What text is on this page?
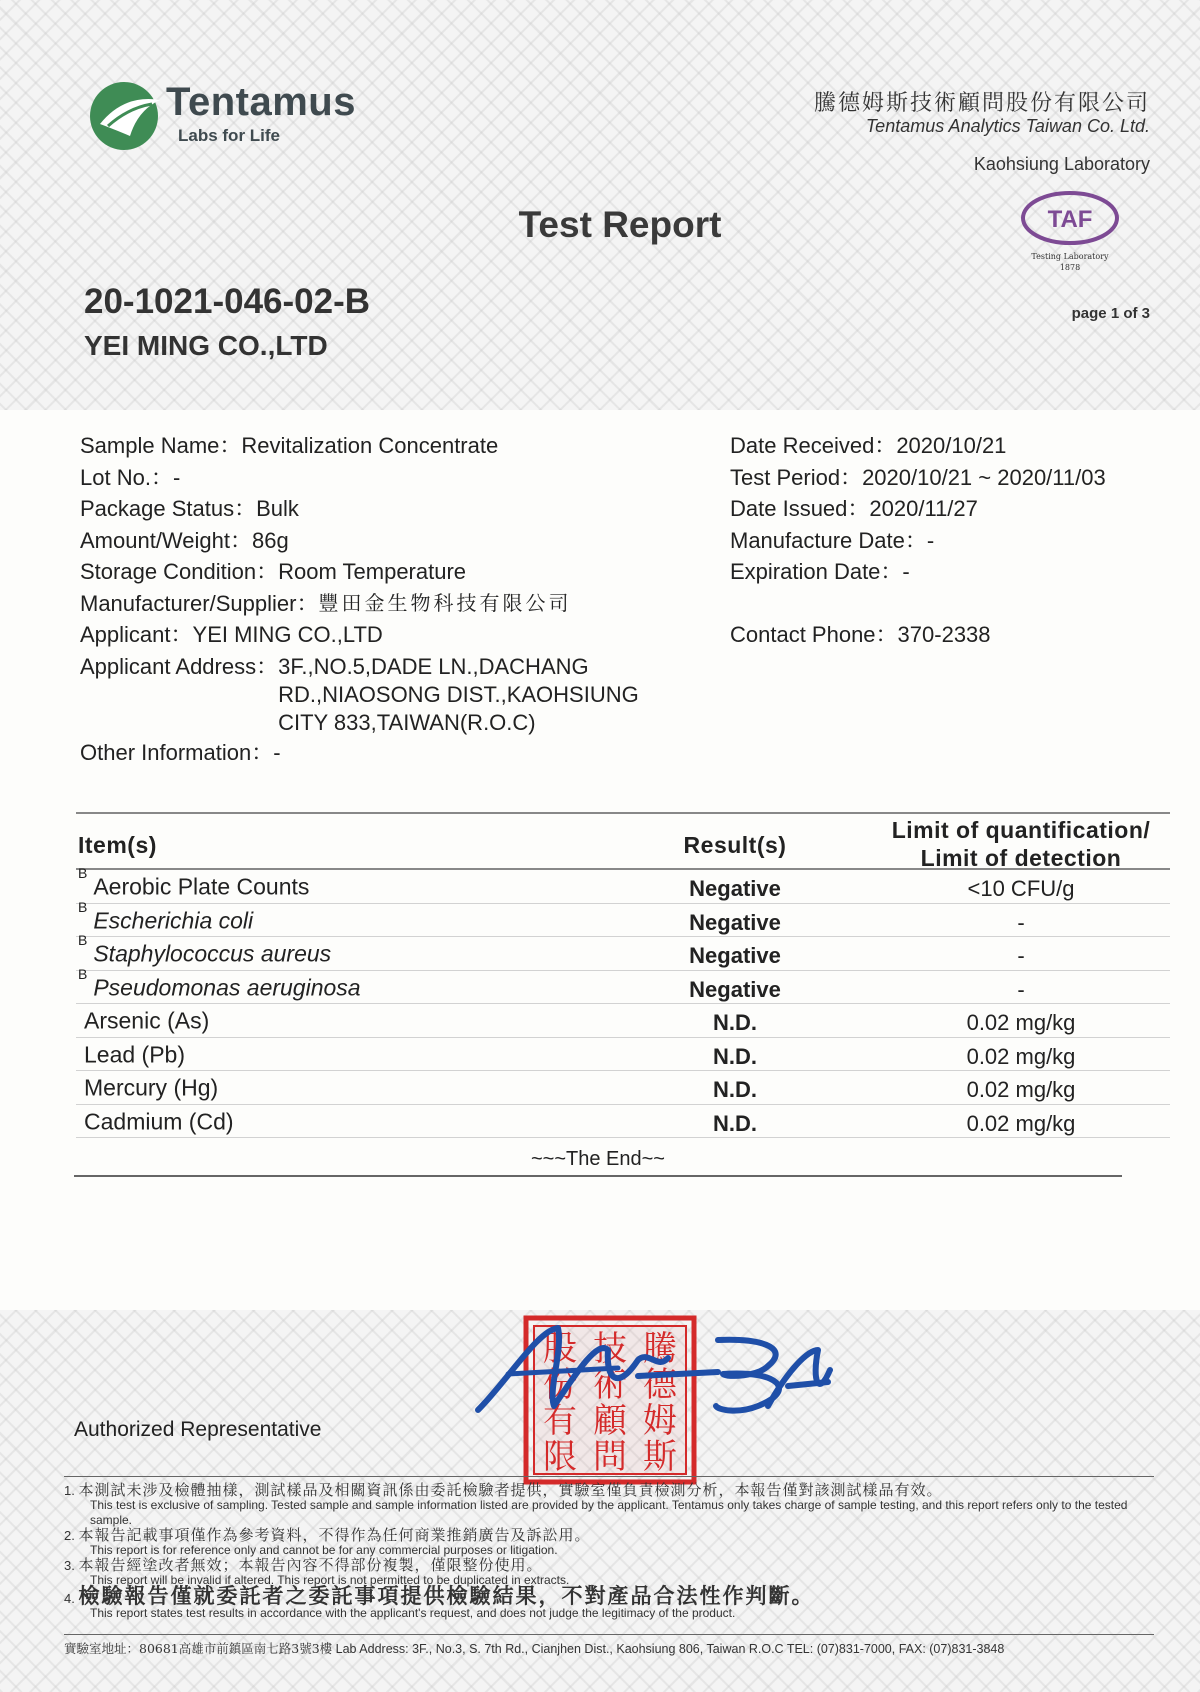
Tentamus
Labs for Life
騰德姆斯技術顧問股份有限公司
Tentamus Analytics Taiwan Co. Ltd.
Kaohsiung Laboratory
TAF
Testing Laboratory
1878
Test Report
20-1021-046-02-B
YEI MING CO.,LTD
page 1 of 3
Sample Name： Revitalization Concentrate
Lot No.： -
Package Status： Bulk
Amount/Weight： 86g
Storage Condition： Room Temperature
Manufacturer/Supplier： 豐田金生物科技有限公司
Applicant： YEI MING CO.,LTD
Applicant Address： 3F.,NO.5,DADE LN.,DACHANG RD.,NIAOSONG DIST.,KAOHSIUNG CITY 833,TAIWAN(R.O.C)
Other Information： -
Date Received： 2020/10/21
Test Period： 2020/10/21 ~ 2020/11/03
Date Issued： 2020/11/27
Manufacture Date： -
Expiration Date： -
Contact Phone： 370-2338
Item(s)	Result(s)
Limit of quantification/
Limit of detection
$^B$Aerobic Plate Counts	Negative	<10 CFU/g
$^B$Escherichia coli	Negative	-
$^B$Staphylococcus aureus	Negative	-
$^B$Pseudomonas aeruginosa	Negative	-
Arsenic (As)	N.D.	0.02 mg/kg
Lead (Pb)	N.D.	0.02 mg/kg
Mercury (Hg)	N.D.	0.02 mg/kg
Cadmium (Cd)	N.D.	0.02 mg/kg
~~~The End~~
Authorized Representative
騰
德
姆
斯
技
術
顧
問
股
份
有
限
1. 本測試未涉及檢體抽樣，測試樣品及相關資訊係由委託檢驗者提供，實驗室僅負責檢測分析，本報告僅對該測試樣品有效。
This test is exclusive of sampling. Tested sample and sample information listed are provided by the applicant. Tentamus only takes charge of sample testing, and this report refers only to the tested sample.
2. 本報告記載事項僅作為參考資料，不得作為任何商業推銷廣告及訴訟用。
This report is for reference only and cannot be for any commercial purposes or litigation.
3. 本報告經塗改者無效；本報告內容不得部份複製，僅限整份使用。
This report will be invalid if altered. This report is not permitted to be duplicated in extracts.
4. 檢驗報告僅就委託者之委託事項提供檢驗結果，不對產品合法性作判斷。
This report states test results in accordance with the applicant's request, and does not judge the legitimacy of the product.
實驗室地址：80681高雄市前鎮區南七路3號3樓 Lab Address: 3F., No.3, S. 7th Rd., Cianjhen Dist., Kaohsiung 806, Taiwan R.O.C TEL: (07)831-7000, FAX: (07)831-3848
